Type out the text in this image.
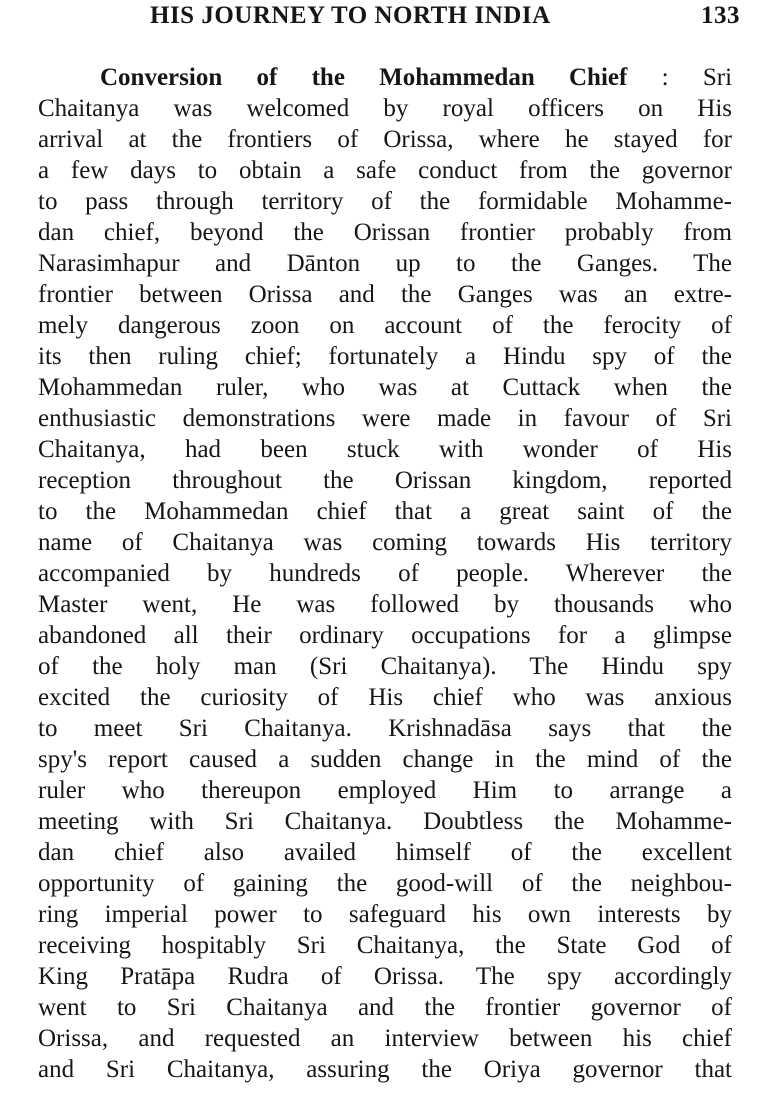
HIS JOURNEY TO NORTH INDIA	133
Conversion of the Mohammedan Chief : Sri
Chaitanya was welcomed by royal officers on His
arrival at the frontiers of Orissa, where he stayed for
a few days to obtain a safe conduct from the governor
to pass through territory of the formidable Mohamme-
dan chief, beyond the Orissan frontier probably from
Narasimhapur and Dānton up to the Ganges. The
frontier between Orissa and the Ganges was an extre-
mely dangerous zoon on account of the ferocity of
its then ruling chief; fortunately a Hindu spy of the
Mohammedan ruler, who was at Cuttack when the
enthusiastic demonstrations were made in favour of Sri
Chaitanya, had been stuck with wonder of His
reception throughout the Orissan kingdom, reported
to the Mohammedan chief that a great saint of the
name of Chaitanya was coming towards His territory
accompanied by hundreds of people. Wherever the
Master went, He was followed by thousands who
abandoned all their ordinary occupations for a glimpse
of the holy man (Sri Chaitanya). The Hindu spy
excited the curiosity of His chief who was anxious
to meet Sri Chaitanya. Krishnadāsa says that the
spy's report caused a sudden change in the mind of the
ruler who thereupon employed Him to arrange a
meeting with Sri Chaitanya. Doubtless the Mohamme-
dan chief also availed himself of the excellent
opportunity of gaining the good-will of the neighbou-
ring imperial power to safeguard his own interests by
receiving hospitably Sri Chaitanya, the State God of
King Pratāpa Rudra of Orissa. The spy accordingly
went to Sri Chaitanya and the frontier governor of
Orissa, and requested an interview between his chief
and Sri Chaitanya, assuring the Oriya governor that
